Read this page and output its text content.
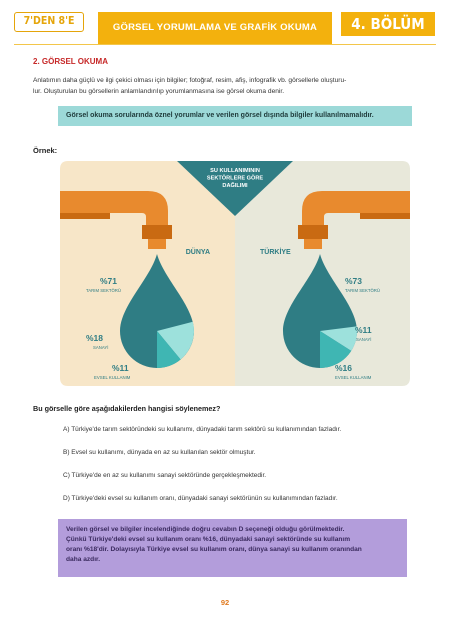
7'DEN 8'E
GÖRSEL YORUMLAMA VE GRAFİK OKUMA	4. BÖLÜM
2. GÖRSEL OKUMA
Anlatımın daha güçlü ve ilgi çekici olması için bilgiler; fotoğraf, resim, afiş, infografik vb. görsellerle oluşturu-
lur. Oluşturulan bu görsellerin anlamlandırılıp yorumlanmasına ise görsel okuma denir.
Görsel okuma sorularında öznel yorumlar ve verilen görsel dışında bilgiler kullanılmamalıdır.
Örnek:
SU KULLANIMININ
SEKTÖRLERE GÖRE
DAĞILIMI
DÜNYA	TÜRKİYE
%71
TARIM SEKTÖRÜ
%18
SANAYİ
%11
EVSEL KULLANIM
%73
TARIM SEKTÖRÜ
%11
SANAYİ
%16
EVSEL KULLANIM
Bu görselle göre aşağıdakilerden hangisi söylenemez?
A) Türkiye'de tarım sektöründeki su kullanımı, dünyadaki tarım sektörü su kullanımından fazladır.
B) Evsel su kullanımı, dünyada en az su kullanılan sektör olmuştur.
C) Türkiye'de en az su kullanımı sanayi sektöründe gerçekleşmektedir.
D) Türkiye'deki evsel su kullanım oranı, dünyadaki sanayi sektörünün su kullanımından fazladır.
Verilen görsel ve bilgiler incelendiğinde doğru cevabın D seçeneği olduğu görülmektedir.
Çünkü Türkiye'deki evsel su kullanım oranı %16, dünyadaki sanayi sektöründe su kullanım
oranı %18'dir. Dolayısıyla Türkiye evsel su kullanım oranı, dünya sanayi su kullanım oranından
daha azdır.
92
